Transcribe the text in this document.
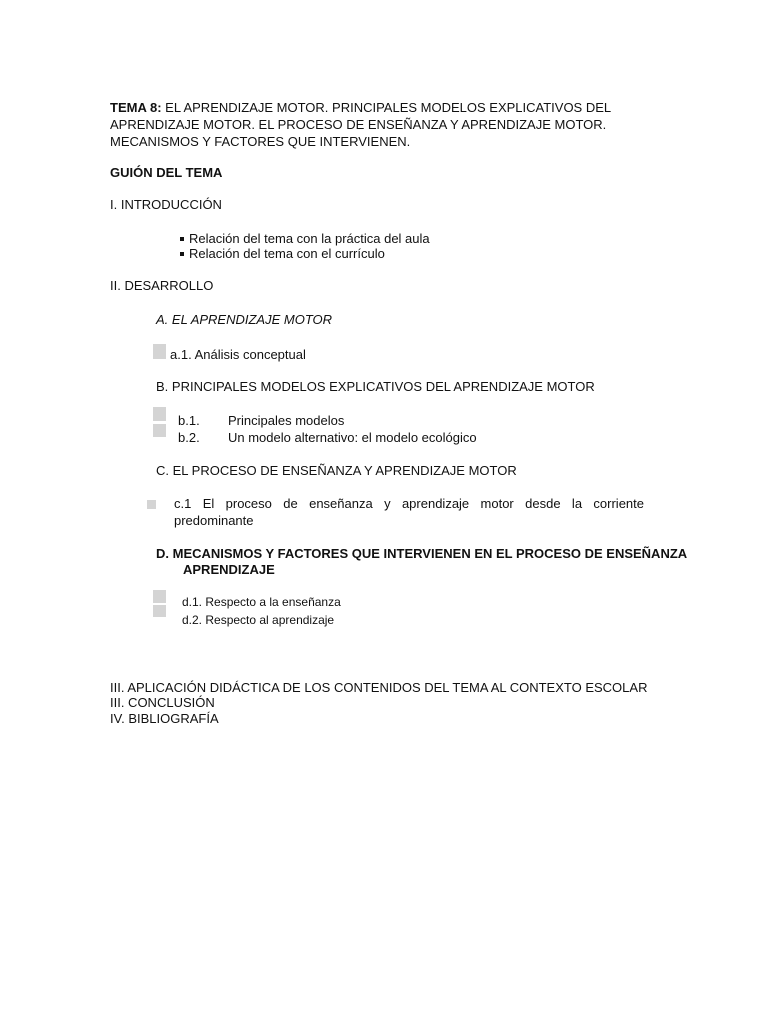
TEMA 8: EL APRENDIZAJE MOTOR. PRINCIPALES MODELOS EXPLICATIVOS DEL
APRENDIZAJE MOTOR. EL PROCESO DE ENSEÑANZA Y APRENDIZAJE MOTOR.
MECANISMOS Y FACTORES QUE INTERVIENEN.
GUIÓN DEL TEMA
I. INTRODUCCIÓN
Relación del tema con la práctica del aula
Relación del tema con el currículo
II. DESARROLLO
A. EL APRENDIZAJE MOTOR
a.1. Análisis conceptual
B. PRINCIPALES MODELOS EXPLICATIVOS DEL APRENDIZAJE MOTOR
b.1. Principales modelos
b.2. Un modelo alternativo: el modelo ecológico
C. EL PROCESO DE ENSEÑANZA Y APRENDIZAJE MOTOR
c.1 El proceso de enseñanza y aprendizaje motor desde la corriente
predominante
D. MECANISMOS Y FACTORES QUE INTERVIENEN EN EL PROCESO DE ENSEÑANZA
APRENDIZAJE
d.1. Respecto a la enseñanza
d.2. Respecto al aprendizaje
III. APLICACIÓN DIDÁCTICA DE LOS CONTENIDOS DEL TEMA AL CONTEXTO ESCOLAR
III. CONCLUSIÓN
IV. BIBLIOGRAFÍA
